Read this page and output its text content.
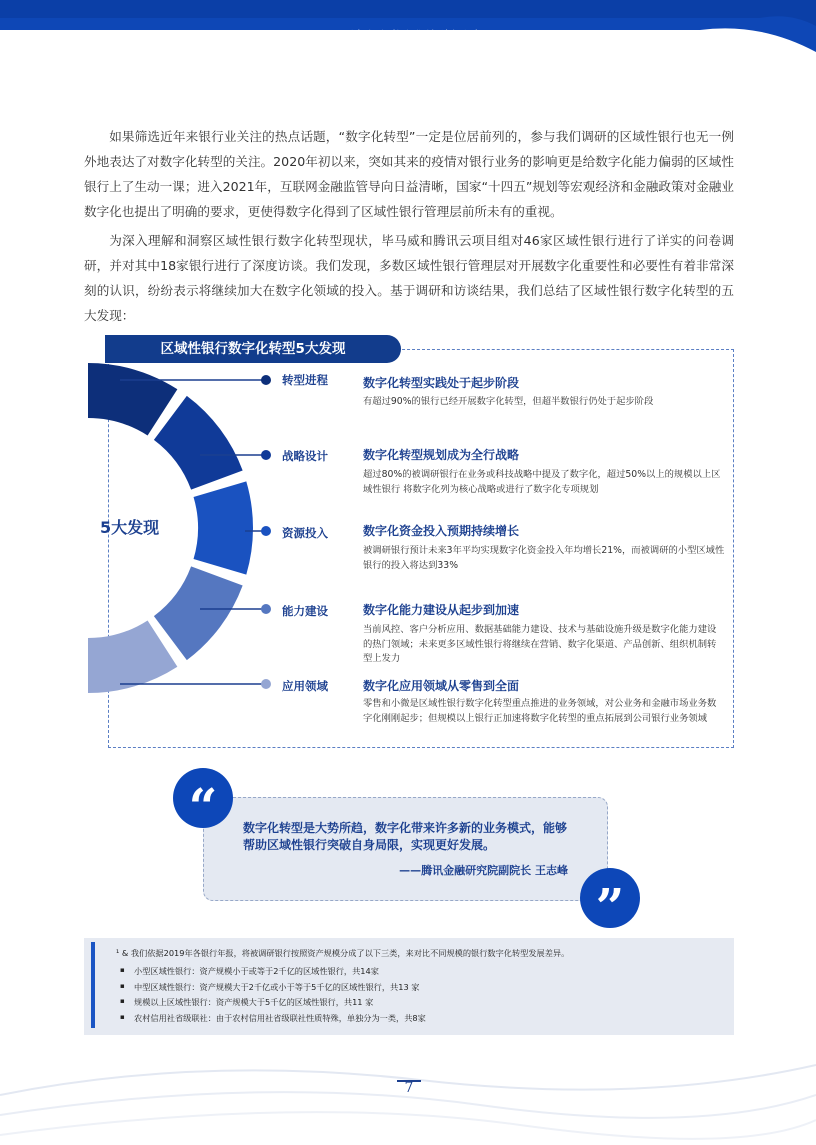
区域性银行数字化转型白皮书

如果筛选近年来银行业关注的热点话题，“数字化转型”一定是位居前列的，参与我们调研的区域性银行也无一例外地表达了对数字化转型的关注。2020年初以来，突如其来的疫情对银行业务的影响更是给数字化能力偏弱的区域性银行上了生动一课；进入2021年，互联网金融监管导向日益清晰，国家“十四五”规划等宏观经济和金融政策对金融业数字化也提出了明确的要求，更使得数字化得到了区域性银行管理层前所未有的重视。

为深入理解和洞察区域性银行数字化转型现状，毕马威和腾讯云项目组对46家区域性银行进行了详实的问卷调研，并对其中18家银行进行了深度访谈。我们发现，多数区域性银行管理层对开展数字化重要性和必要性有着非常深刻的认识，纷纷表示将继续加大在数字化领域的投入。基于调研和访谈结果，我们总结了区域性银行数字化转型的五大发现：

区域性银行数字化转型5大发现
5大发现
转型进程	数字化转型实践处于起步阶段
有超过90%的银行已经开展数字化转型，但超半数银行仍处于起步阶段
战略设计	数字化转型规划成为全行战略
超过80%的被调研银行在业务或科技战略中提及了数字化，超过50%以上的规模以上区域性银行 将数字化列为核心战略或进行了数字化专项规划
资源投入	数字化资金投入预期持续增长
被调研银行预计未来3年平均实现数字化资金投入年均增长21%，而被调研的小型区域性银行的投入将达到33%
能力建设	数字化能力建设从起步到加速
当前风控、客户分析应用、数据基础能力建设、技术与基础设施升级是数字化能力建设的热门领域；未来更多区域性银行将继续在营销、数字化渠道、产品创新、组织机制转型上发力
应用领域	数字化应用领域从零售到全面
零售和小微是区域性银行数字化转型重点推进的业务领域，对公业务和金融市场业务数字化刚刚起步；但规模以上银行正加速将数字化转型的重点拓展到公司银行业务领域
“	数字化转型是大势所趋，数字化带来许多新的业务模式，能够帮助区域性银行突破自身局限，实现更好发展。
——腾讯金融研究院副院长 王志峰
”
¹ & 我们依据2019年各银行年报，将被调研银行按照资产规模分成了以下三类，来对比不同规模的银行数字化转型发展差异。
▪ 小型区域性银行：资产规模小于或等于2千亿的区域性银行，共14家
▪ 中型区域性银行：资产规模大于2千亿或小于等于5千亿的区域性银行，共13 家
▪ 规模以上区域性银行：资产规模大于5千亿的区域性银行，共11 家
▪ 农村信用社省级联社：由于农村信用社省级联社性质特殊，单独分为一类，共8家
7
